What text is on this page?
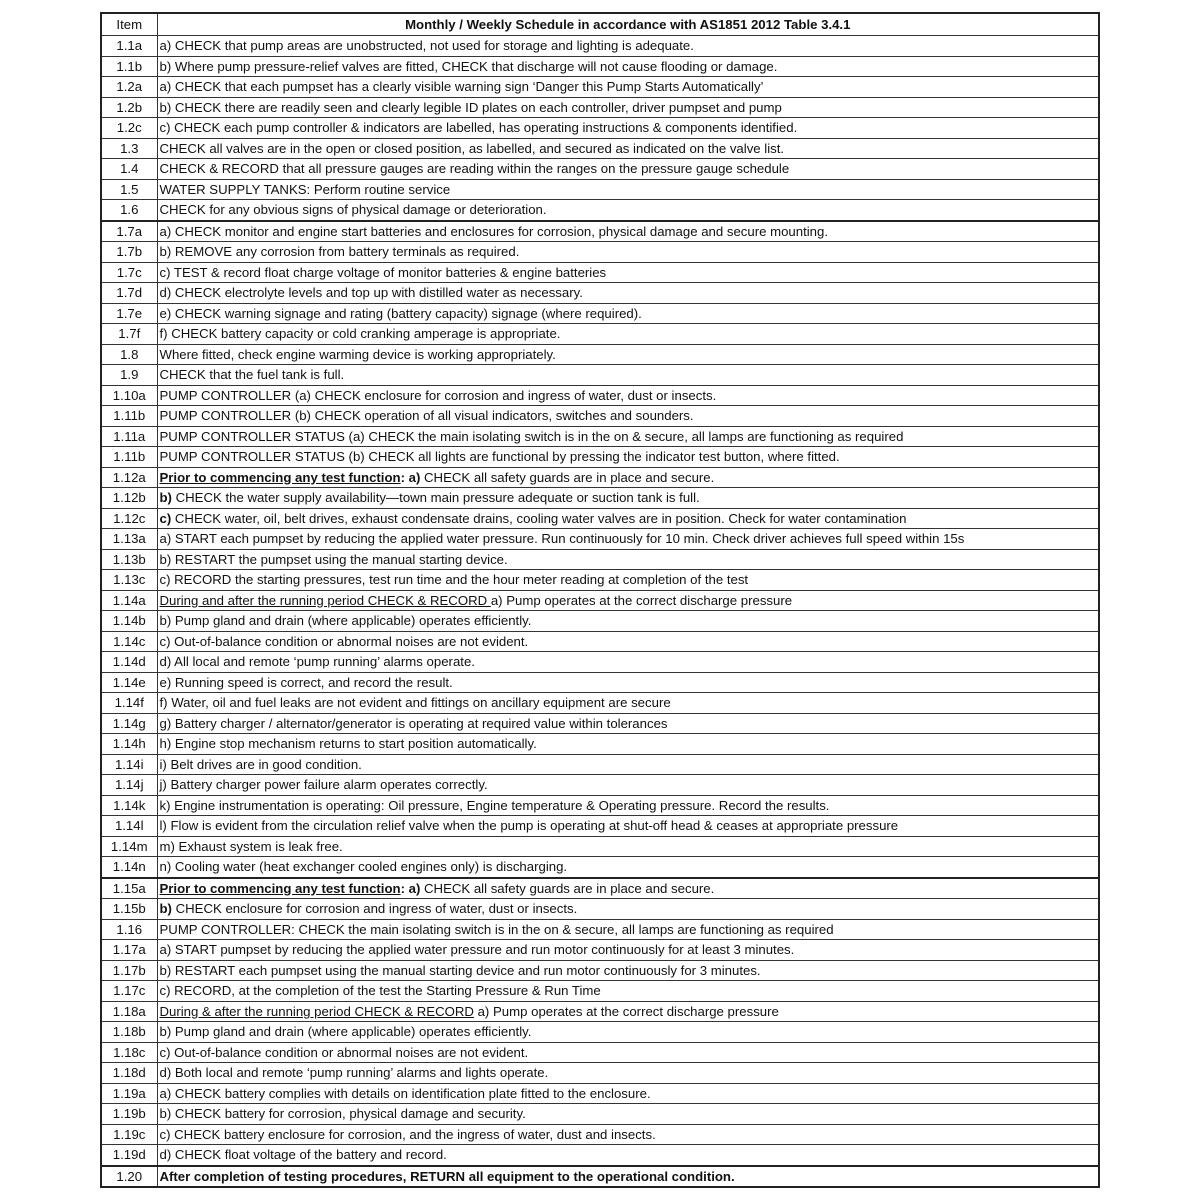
Item	Monthly / Weekly Schedule in accordance with AS1851 2012 Table 3.4.1
1.1a	a) CHECK that pump areas are unobstructed, not used for storage and lighting is adequate.
1.1b	b) Where pump pressure-relief valves are fitted, CHECK that discharge will not cause flooding or damage.
1.2a	a) CHECK that each pumpset has a clearly visible warning sign ‘Danger this Pump Starts Automatically’
1.2b	b) CHECK there are readily seen and clearly legible ID plates on each controller, driver pumpset and pump
1.2c	c) CHECK each pump controller & indicators are labelled, has operating instructions & components identified.
1.3	CHECK all valves are in the open or closed position, as labelled, and secured as indicated on the valve list.
1.4	CHECK & RECORD that all pressure gauges are reading within the ranges on the pressure gauge schedule
1.5	WATER SUPPLY TANKS: Perform routine service
1.6	CHECK for any obvious signs of physical damage or deterioration.
1.7a	a) CHECK monitor and engine start batteries and enclosures for corrosion, physical damage and secure mounting.
1.7b	b) REMOVE any corrosion from battery terminals as required.
1.7c	c) TEST & record float charge voltage of monitor batteries & engine batteries
1.7d	d) CHECK electrolyte levels and top up with distilled water as necessary.
1.7e	e) CHECK warning signage and rating (battery capacity) signage (where required).
1.7f	f) CHECK battery capacity or cold cranking amperage is appropriate.
1.8	Where fitted, check engine warming device is working appropriately.
1.9	CHECK that the fuel tank is full.
1.10a	PUMP CONTROLLER (a) CHECK enclosure for corrosion and ingress of water, dust or insects.
1.11b	PUMP CONTROLLER (b) CHECK operation of all visual indicators, switches and sounders.
1.11a	PUMP CONTROLLER STATUS (a) CHECK the main isolating switch is in the on & secure, all lamps are functioning as required
1.11b	PUMP CONTROLLER STATUS (b) CHECK all lights are functional by pressing the indicator test button, where fitted.
1.12a	Prior to commencing any test function: a) CHECK all safety guards are in place and secure.
1.12b	b) CHECK the water supply availability—town main pressure adequate or suction tank is full.
1.12c	c) CHECK water, oil, belt drives, exhaust condensate drains, cooling water valves are in position. Check for water contamination
1.13a	a) START each pumpset by reducing the applied water pressure. Run continuously for 10 min. Check driver achieves full speed within 15s
1.13b	b) RESTART the pumpset using the manual starting device.
1.13c	c) RECORD the starting pressures, test run time and the hour meter reading at completion of the test
1.14a	During and after the running period CHECK & RECORD a) Pump operates at the correct discharge pressure
1.14b	b) Pump gland and drain (where applicable) operates efficiently.
1.14c	c) Out-of-balance condition or abnormal noises are not evident.
1.14d	d) All local and remote ‘pump running’ alarms operate.
1.14e	e) Running speed is correct, and record the result.
1.14f	f) Water, oil and fuel leaks are not evident and fittings on ancillary equipment are secure
1.14g	g) Battery charger / alternator/generator is operating at required value within tolerances
1.14h	h) Engine stop mechanism returns to start position automatically.
1.14i	i) Belt drives are in good condition.
1.14j	j) Battery charger power failure alarm operates correctly.
1.14k	k) Engine instrumentation is operating: Oil pressure, Engine temperature & Operating pressure. Record the results.
1.14l	l) Flow is evident from the circulation relief valve when the pump is operating at shut-off head & ceases at appropriate pressure
1.14m	m) Exhaust system is leak free.
1.14n	n) Cooling water (heat exchanger cooled engines only) is discharging.
1.15a	Prior to commencing any test function: a) CHECK all safety guards are in place and secure.
1.15b	b) CHECK enclosure for corrosion and ingress of water, dust or insects.
1.16	PUMP CONTROLLER: CHECK the main isolating switch is in the on & secure, all lamps are functioning as required
1.17a	a) START pumpset by reducing the applied water pressure and run motor continuously for at least 3 minutes.
1.17b	b) RESTART each pumpset using the manual starting device and run motor continuously for 3 minutes.
1.17c	c) RECORD, at the completion of the test the Starting Pressure & Run Time
1.18a	During & after the running period CHECK & RECORD a) Pump operates at the correct discharge pressure
1.18b	b) Pump gland and drain (where applicable) operates efficiently.
1.18c	c) Out-of-balance condition or abnormal noises are not evident.
1.18d	d) Both local and remote ‘pump running’ alarms and lights operate.
1.19a	a) CHECK battery complies with details on identification plate fitted to the enclosure.
1.19b	b) CHECK battery for corrosion, physical damage and security.
1.19c	c) CHECK battery enclosure for corrosion, and the ingress of water, dust and insects.
1.19d	d) CHECK float voltage of the battery and record.
1.20	After completion of testing procedures, RETURN all equipment to the operational condition.
